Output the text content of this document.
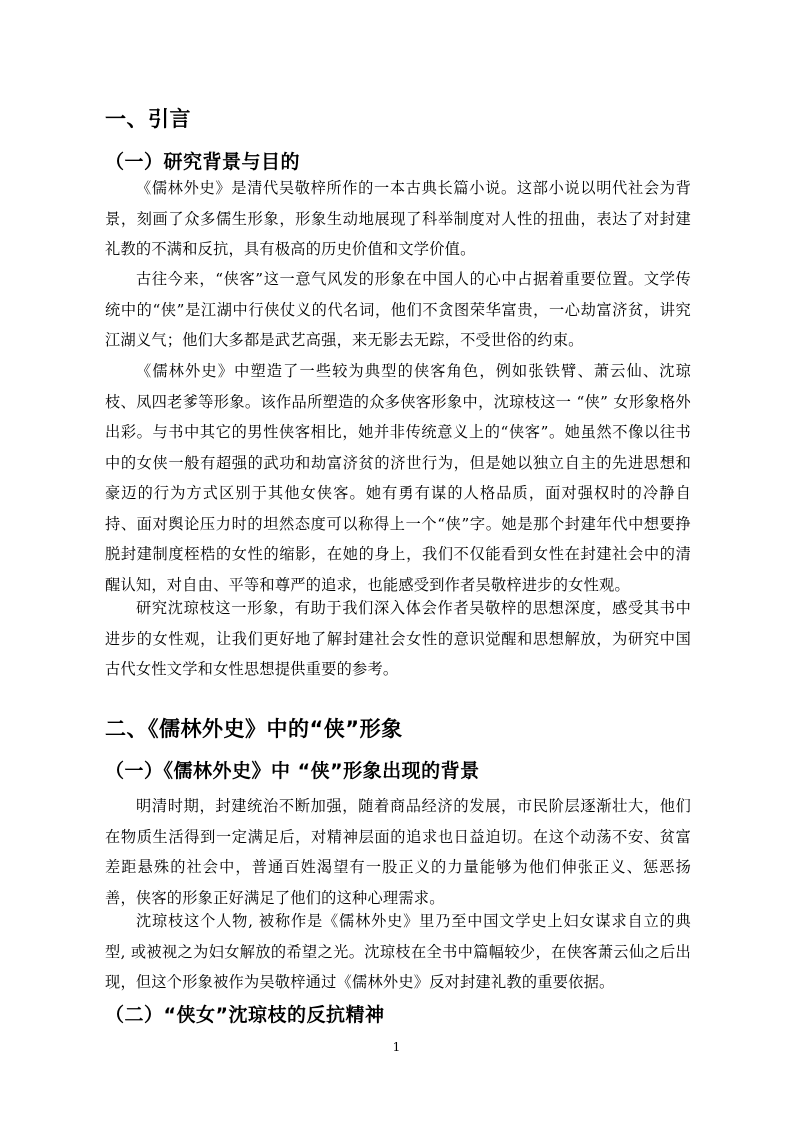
一、引言
（一）研究背景与目的

《儒林外史》是清代吴敬梓所作的一本古典长篇小说。这部小说以明代社会为背景，刻画了众多儒生形象，形象生动地展现了科举制度对人性的扭曲，表达了对封建礼教的不满和反抗，具有极高的历史价值和文学价值。

古往今来，“侠客”这一意气风发的形象在中国人的心中占据着重要位置。文学传统中的“侠”是江湖中行侠仗义的代名词，他们不贪图荣华富贵，一心劫富济贫，讲究江湖义气；他们大多都是武艺高强，来无影去无踪，不受世俗的约束。

《儒林外史》中塑造了一些较为典型的侠客角色，例如张铁臂、萧云仙、沈琼枝、凤四老爹等形象。该作品所塑造的众多侠客形象中，沈琼枝这一 “侠” 女形象格外出彩。与书中其它的男性侠客相比，她并非传统意义上的“侠客”。她虽然不像以往书中的女侠一般有超强的武功和劫富济贫的济世行为，但是她以独立自主的先进思想和豪迈的行为方式区别于其他女侠客。她有勇有谋的人格品质，面对强权时的冷静自持、面对舆论压力时的坦然态度可以称得上一个“侠”字。她是那个封建年代中想要挣脱封建制度桎梏的女性的缩影，在她的身上，我们不仅能看到女性在封建社会中的清醒认知，对自由、平等和尊严的追求，也能感受到作者吴敬梓进步的女性观。

研究沈琼枝这一形象，有助于我们深入体会作者吴敬梓的思想深度，感受其书中进步的女性观，让我们更好地了解封建社会女性的意识觉醒和思想解放，为研究中国古代女性文学和女性思想提供重要的参考。

二、《儒林外史》中的“侠”形象
（一）《儒林外史》中 “侠”形象出现的背景

明清时期，封建统治不断加强，随着商品经济的发展，市民阶层逐渐壮大，他们在物质生活得到一定满足后，对精神层面的追求也日益迫切。在这个动荡不安、贫富差距悬殊的社会中，普通百姓渴望有一股正义的力量能够为他们伸张正义、惩恶扬善，侠客的形象正好满足了他们的这种心理需求。

沈琼枝这个人物, 被称作是《儒林外史》里乃至中国文学史上妇女谋求自立的典型, 或被视之为妇女解放的希望之光。沈琼枝在全书中篇幅较少，在侠客萧云仙之后出现，但这个形象被作为吴敬梓通过《儒林外史》反对封建礼教的重要依据。

（二）“侠女”沈琼枝的反抗精神
1
